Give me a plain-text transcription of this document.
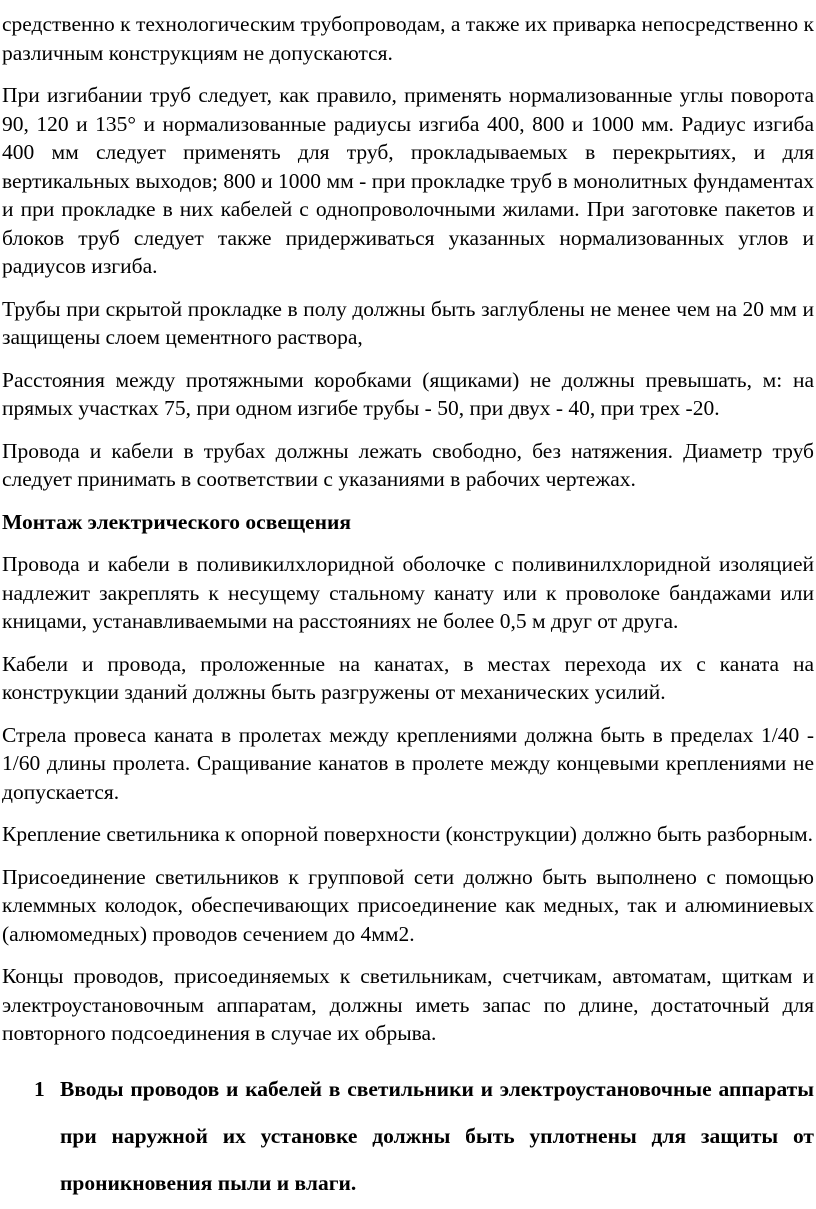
средственно к технологическим трубопроводам, а также их приварка непосредственно к различным конструкциям не допускаются.

При изгибании труб следует, как правило, применять нормализованные углы поворота 90, 120 и 135° и нормализованные радиусы изгиба 400, 800 и 1000 мм. Радиус изгиба 400 мм следует применять для труб, прокладываемых в перекрытиях, и для вертикальных выходов; 800 и 1000 мм - при прокладке труб в монолитных фундаментах и при прокладке в них кабелей с однопроволочными жилами. При заготовке пакетов и блоков труб следует также придерживаться указанных нормализованных углов и радиусов изгиба.

Трубы при скрытой прокладке в полу должны быть заглублены не менее чем на 20 мм и защищены слоем цементного раствора,

Расстояния между протяжными коробками (ящиками) не должны превышать, м: на прямых участках 75, при одном изгибе трубы - 50, при двух - 40, при трех -20.

Провода и кабели в трубах должны лежать свободно, без натяжения. Диаметр труб следует принимать в соответствии с указаниями в рабочих чертежах.

Монтаж электрического освещения

Провода и кабели в поливикилхлоридной оболочке с поливинилхлоридной изоляцией надлежит закреплять к несущему стальному канату или к проволоке бандажами или кницами, устанавливаемыми на расстояниях не более 0,5 м друг от друга.

Кабели и провода, проложенные на канатах, в местах перехода их с каната на конструкции зданий должны быть разгружены от механических усилий.

Стрела провеса каната в пролетах между креплениями должна быть в пределах 1/40 - 1/60 длины пролета. Сращивание канатов в пролете между концевыми креплениями не допускается.

Крепление светильника к опорной поверхности (конструкции) должно быть разборным.

Присоединение светильников к групповой сети должно быть выполнено с помощью клеммных колодок, обеспечивающих присоединение как медных, так и алюминиевых (алюмомедных) проводов сечением до 4мм2.

Концы проводов, присоединяемых к светильникам, счетчикам, автоматам, щиткам и электроустановочным аппаратам, должны иметь запас по длине, достаточный для повторного подсоединения в случае их обрыва.

1 Вводы проводов и кабелей в светильники и электроустановочные аппараты при наружной их установке должны быть уплотнены для защиты от проникновения пыли и влаги.
